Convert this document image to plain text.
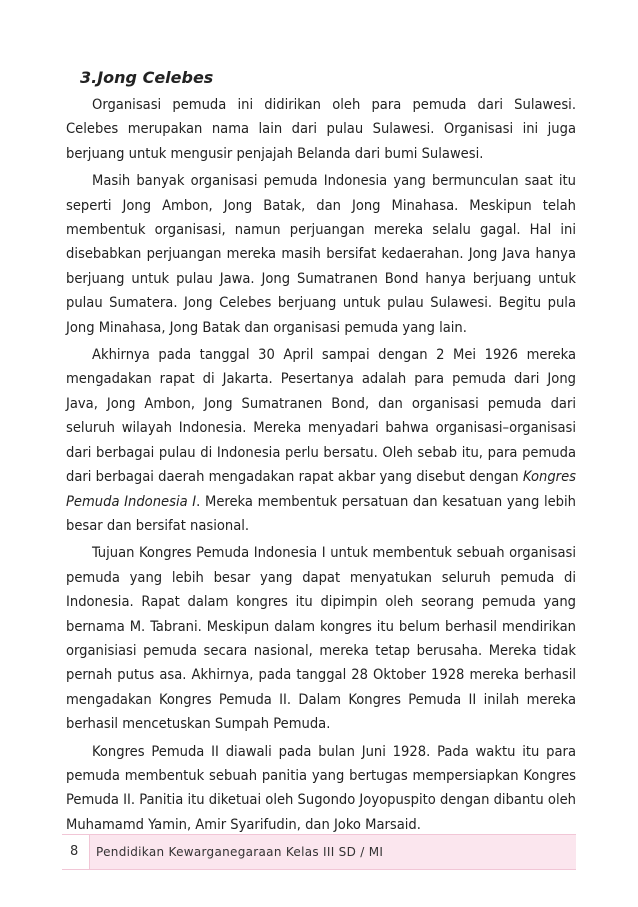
3.Jong Celebes

Organisasi pemuda ini didirikan oleh para pemuda dari Sulawesi. Celebes merupakan nama lain dari pulau Sulawesi. Organisasi ini juga berjuang untuk mengusir penjajah Belanda dari bumi Sulawesi.

Masih banyak organisasi pemuda Indonesia yang bermunculan saat itu seperti Jong Ambon, Jong Batak, dan Jong Minahasa. Meskipun telah membentuk organisasi, namun perjuangan mereka selalu gagal. Hal ini disebabkan perjuangan mereka masih bersifat kedaerahan. Jong Java hanya berjuang untuk pulau Jawa. Jong Sumatranen Bond hanya berjuang untuk pulau Sumatera. Jong Celebes berjuang untuk pulau Sulawesi. Begitu pula Jong Minahasa, Jong Batak dan organisasi pemuda yang lain.

Akhirnya pada tanggal 30 April sampai dengan 2 Mei 1926 mereka mengadakan rapat di Jakarta. Pesertanya adalah para pemuda dari Jong Java, Jong Ambon, Jong Sumatranen Bond, dan organisasi pemuda dari seluruh wilayah Indonesia. Mereka menyadari bahwa organisasi–organisasi dari berbagai pulau di Indonesia perlu bersatu. Oleh sebab itu, para pemuda dari berbagai daerah mengadakan rapat akbar yang disebut dengan Kongres Pemuda Indonesia I. Mereka membentuk persatuan dan kesatuan yang lebih besar dan bersifat nasional.

Tujuan Kongres Pemuda Indonesia I untuk membentuk sebuah organisasi pemuda yang lebih besar yang dapat menyatukan seluruh pemuda di Indonesia. Rapat dalam kongres itu dipimpin oleh seorang pemuda yang bernama M. Tabrani. Meskipun dalam kongres itu belum berhasil mendirikan organisiasi pemuda secara nasional, mereka tetap berusaha. Mereka tidak pernah putus asa. Akhirnya, pada tanggal 28 Oktober 1928 mereka berhasil mengadakan Kongres Pemuda II. Dalam Kongres Pemuda II inilah mereka berhasil mencetuskan Sumpah Pemuda.

Kongres Pemuda II diawali pada bulan Juni 1928. Pada waktu itu para pemuda membentuk sebuah panitia yang bertugas mempersiapkan Kongres Pemuda II. Panitia itu diketuai oleh Sugondo Joyopuspito dengan dibantu oleh Muhamamd Yamin, Amir Syarifudin, dan Joko Marsaid.

8 Pendidikan Kewarganegaraan Kelas III SD / MI
